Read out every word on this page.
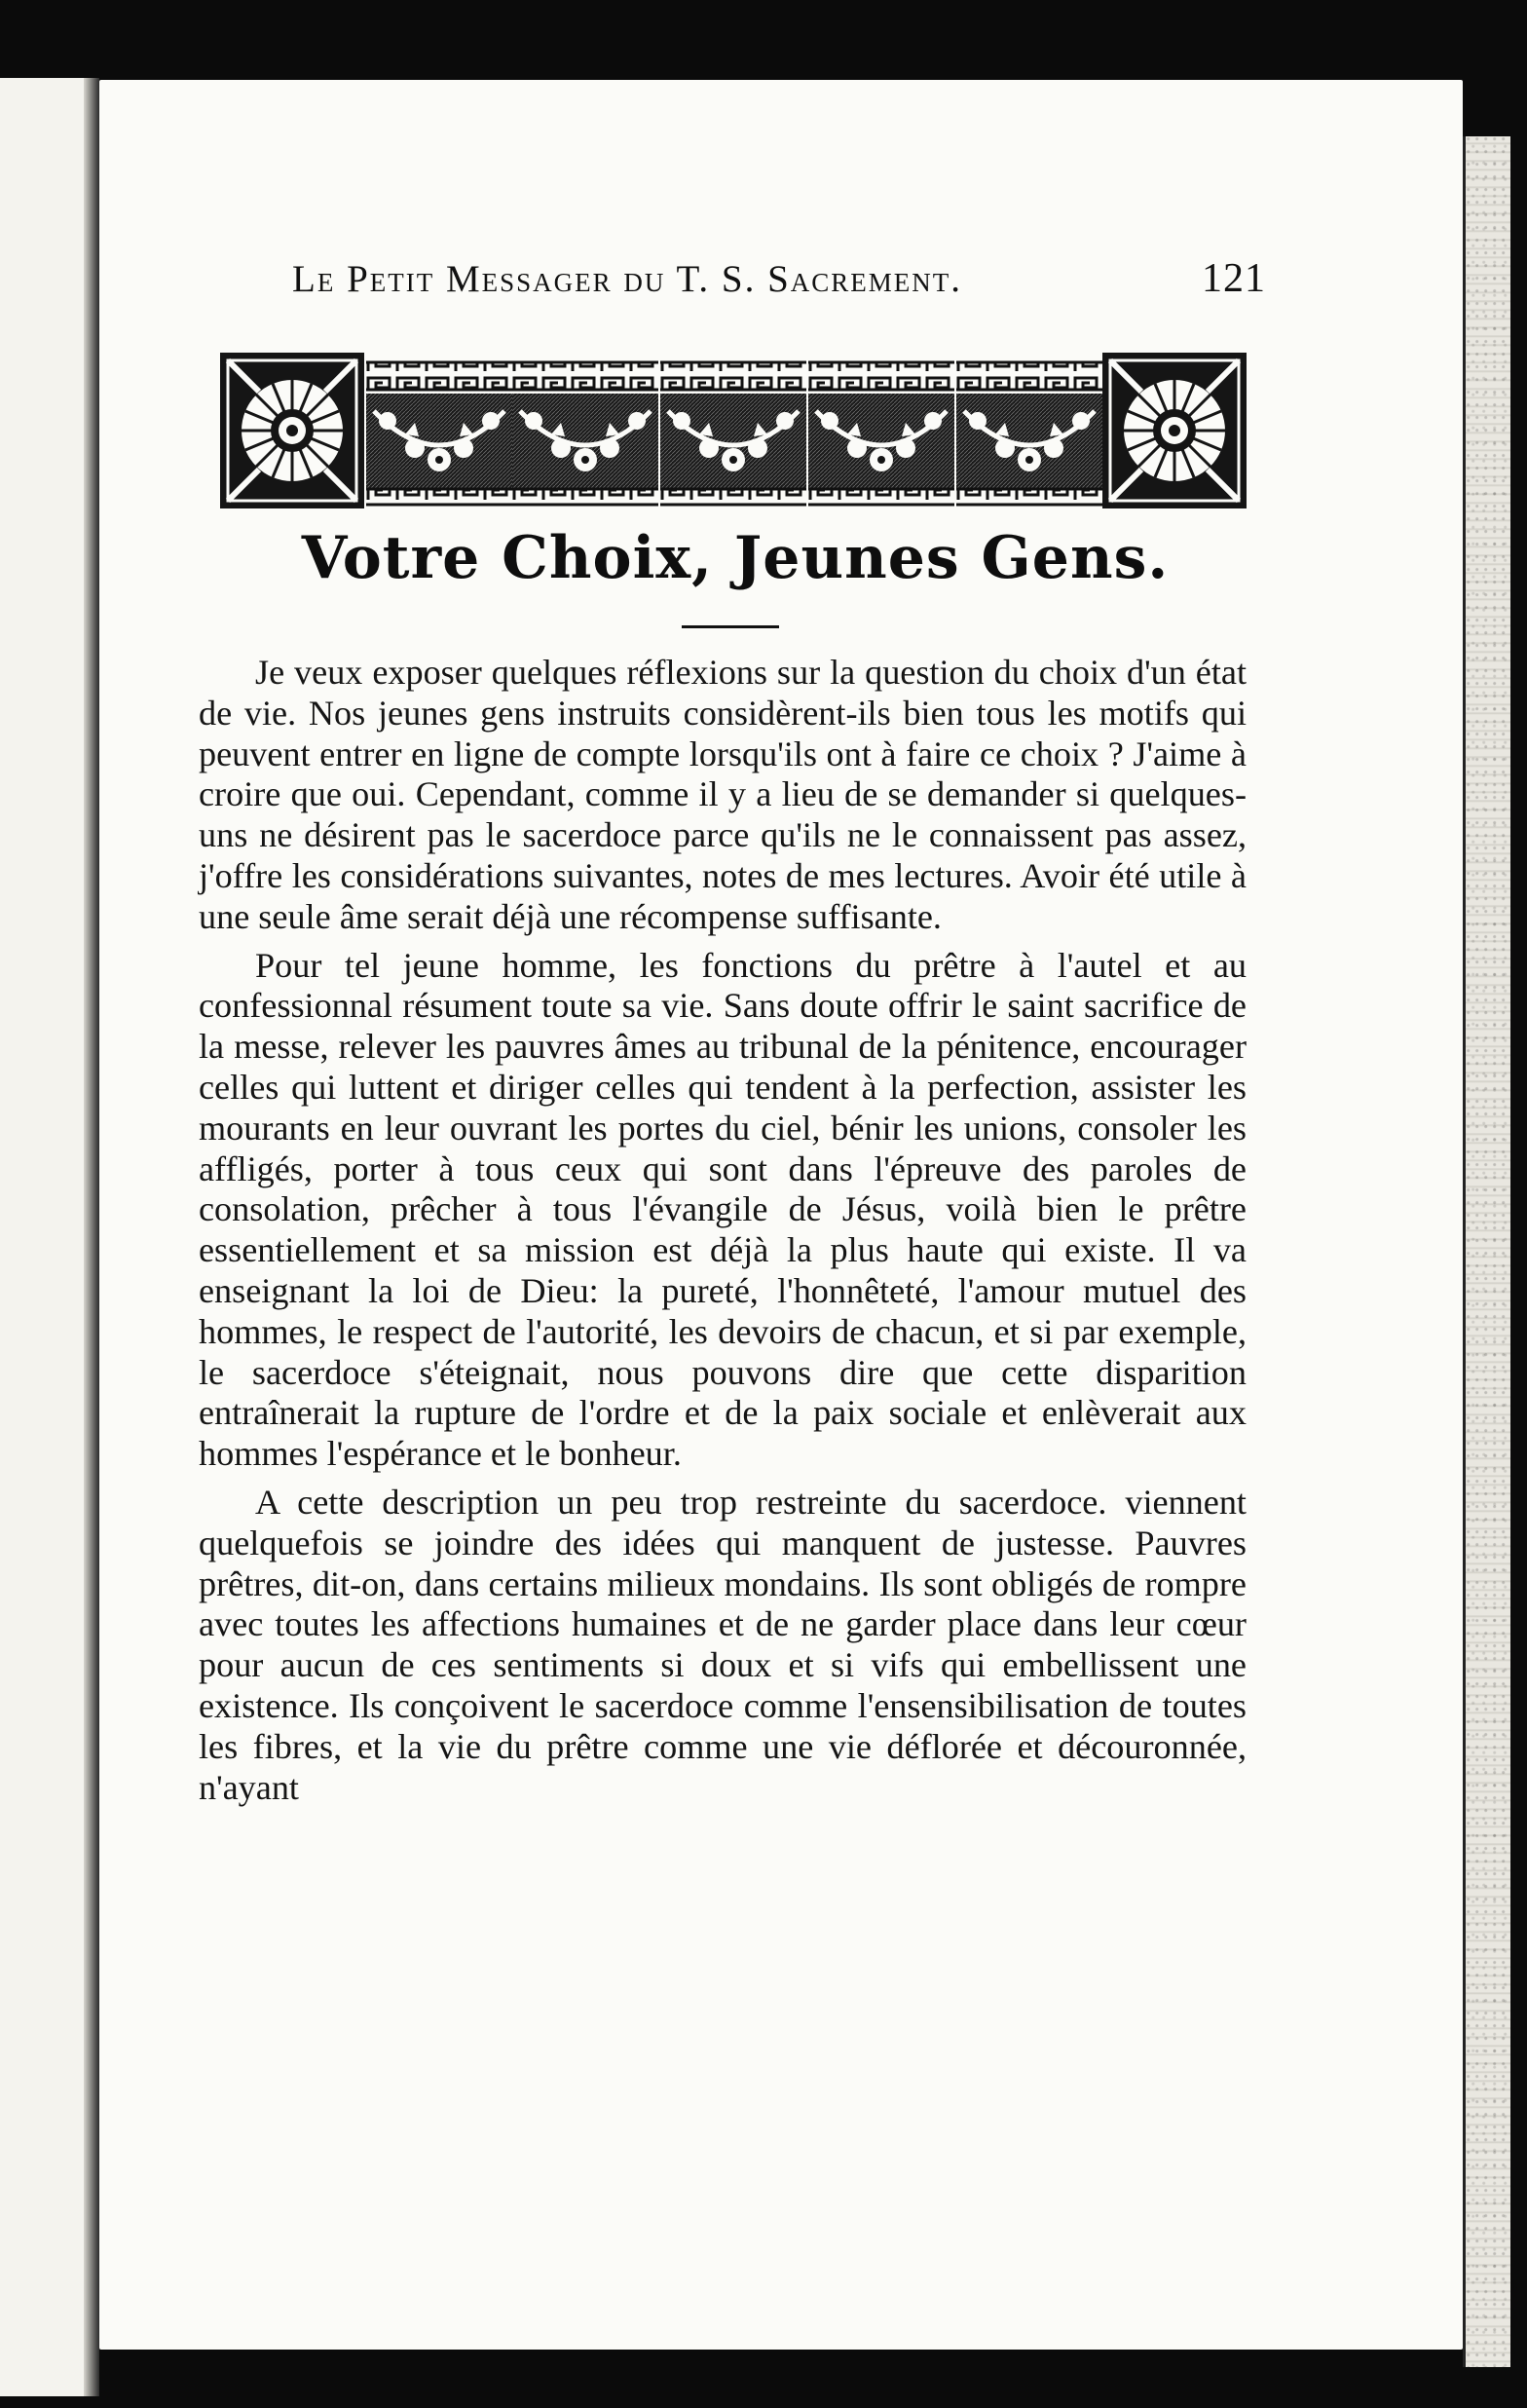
Le Petit Messager du T. S. Sacrement.	121
Votre Choix, Jeunes Gens.

Je veux exposer quelques réflexions sur la question du choix d'un état de vie. Nos jeunes gens instruits considèrent-ils bien tous les motifs qui peuvent entrer en ligne de compte lorsqu'ils ont à faire ce choix ? J'aime à croire que oui. Cependant, comme il y a lieu de se demander si quelques-uns ne désirent pas le sacerdoce parce qu'ils ne le connaissent pas assez, j'offre les considérations suivantes, notes de mes lectures. Avoir été utile à une seule âme serait déjà une récompense suffisante.

Pour tel jeune homme, les fonctions du prêtre à l'autel et au confessionnal résument toute sa vie. Sans doute offrir le saint sacrifice de la messe, relever les pauvres âmes au tribunal de la pénitence, encourager celles qui luttent et diriger celles qui tendent à la perfection, assister les mourants en leur ouvrant les portes du ciel, bénir les unions, consoler les affligés, porter à tous ceux qui sont dans l'épreuve des paroles de consolation, prêcher à tous l'évangile de Jésus, voilà bien le prêtre essentiellement et sa mission est déjà la plus haute qui existe. Il va enseignant la loi de Dieu: la pureté, l'honnêteté, l'amour mutuel des hommes, le respect de l'autorité, les devoirs de chacun, et si par exemple, le sacerdoce s'éteignait, nous pouvons dire que cette disparition entraînerait la rupture de l'ordre et de la paix sociale et enlèverait aux hommes l'espérance et le bonheur.

A cette description un peu trop restreinte du sacerdoce. viennent quelquefois se joindre des idées qui manquent de justesse. Pauvres prêtres, dit-on, dans certains milieux mondains. Ils sont obligés de rompre avec toutes les affections humaines et de ne garder place dans leur cœur pour aucun de ces sentiments si doux et si vifs qui embellissent une existence. Ils conçoivent le sacerdoce comme l'ensensibilisation de toutes les fibres, et la vie du prêtre comme une vie déflorée et découronnée, n'ayant
